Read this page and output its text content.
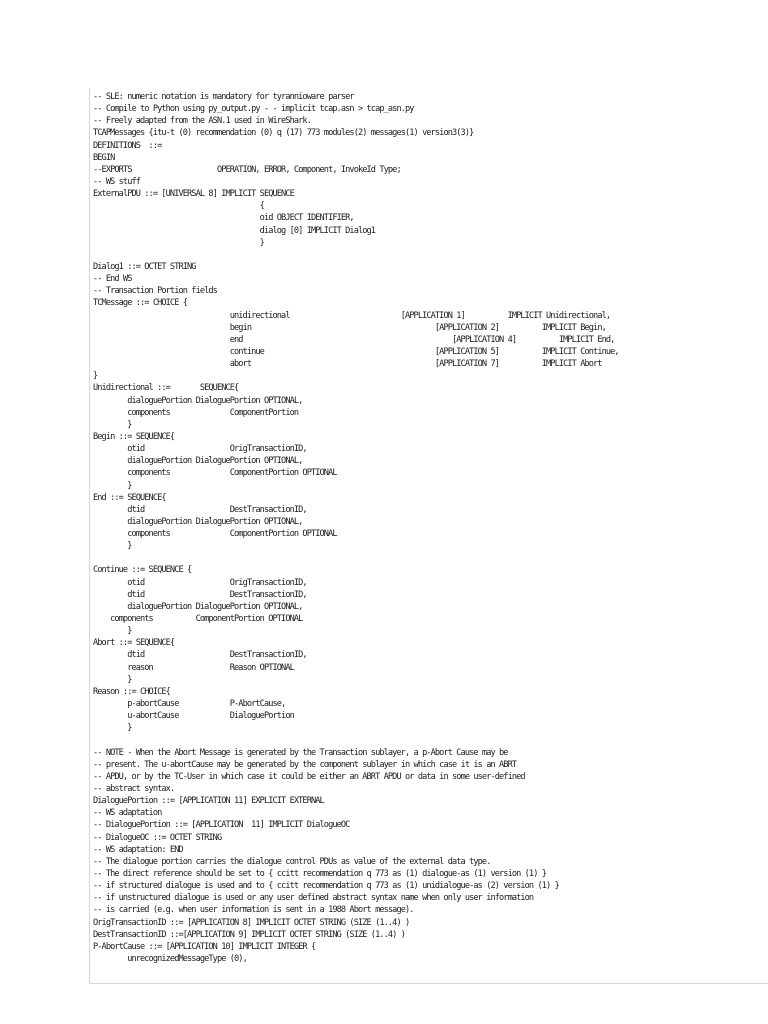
-- SLE: numeric notation is mandatory for tyrannioware parser
-- Compile to Python using py_output.py - - implicit tcap.asn > tcap_asn.py
-- Freely adapted from the ASN.1 used in WireShark.
TCAPMessages {itu-t (0) recommendation (0) q (17) 773 modules(2) messages(1) version3(3)}
DEFINITIONS  ::=
BEGIN
--EXPORTS                    OPERATION, ERROR, Component, InvokeId Type;
-- WS stuff
ExternalPDU ::= [UNIVERSAL 8] IMPLICIT SEQUENCE
{
oid OBJECT IDENTIFIER,
dialog [0] IMPLICIT Dialog1
}
Dialog1 ::= OCTET STRING
-- End WS
-- Transaction Portion fields
TCMessage ::= CHOICE {
unidirectional                          [APPLICATION 1]          IMPLICIT Unidirectional,
begin                                           [APPLICATION 2]          IMPLICIT Begin,
end                                                 [APPLICATION 4]          IMPLICIT End,
continue                                        [APPLICATION 5]          IMPLICIT Continue,
abort                                           [APPLICATION 7]          IMPLICIT Abort
}
Unidirectional ::=       SEQUENCE{
dialoguePortion DialoguePortion OPTIONAL,
components              ComponentPortion
}
Begin ::= SEQUENCE{
otid                    OrigTransactionID,
dialoguePortion DialoguePortion OPTIONAL,
components              ComponentPortion OPTIONAL
}
End ::= SEQUENCE{
dtid                    DestTransactionID,
dialoguePortion DialoguePortion OPTIONAL,
components              ComponentPortion OPTIONAL
}
Continue ::= SEQUENCE {
otid                    OrigTransactionID,
dtid                    DestTransactionID,
dialoguePortion DialoguePortion OPTIONAL,
components          ComponentPortion OPTIONAL
}
Abort ::= SEQUENCE{
dtid                    DestTransactionID,
reason                  Reason OPTIONAL
}
Reason ::= CHOICE{
p-abortCause            P-AbortCause,
u-abortCause            DialoguePortion
}
-- NOTE - When the Abort Message is generated by the Transaction sublayer, a p-Abort Cause may be
-- present. The u-abortCause may be generated by the component sublayer in which case it is an ABRT
-- APDU, or by the TC-User in which case it could be either an ABRT APDU or data in some user-defined
-- abstract syntax.
DialoguePortion ::= [APPLICATION 11] EXPLICIT EXTERNAL
-- WS adaptation
-- DialoguePortion ::= [APPLICATION  11] IMPLICIT DialogueOC
-- DialogueOC ::= OCTET STRING
-- WS adaptation: END
-- The dialogue portion carries the dialogue control PDUs as value of the external data type.
-- The direct reference should be set to { ccitt recommendation q 773 as (1) dialogue-as (1) version (1) }
-- if structured dialogue is used and to { ccitt recommendation q 773 as (1) unidialogue-as (2) version (1) }
-- if unstructured dialogue is used or any user defined abstract syntax name when only user information
-- is carried (e.g. when user information is sent in a 1988 Abort message).
OrigTransactionID ::= [APPLICATION 8] IMPLICIT OCTET STRING (SIZE (1..4) )
DestTransactionID ::=[APPLICATION 9] IMPLICIT OCTET STRING (SIZE (1..4) )
P-AbortCause ::= [APPLICATION 10] IMPLICIT INTEGER {
unrecognizedMessageType (0),
